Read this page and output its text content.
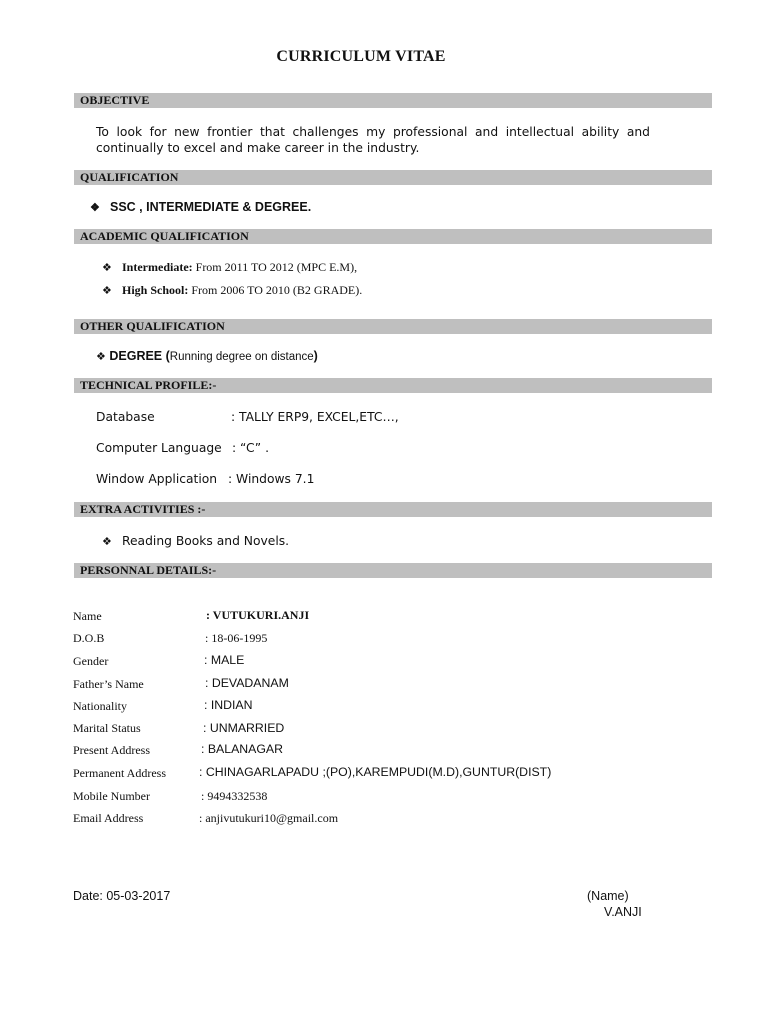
CURRICULUM VITAE
OBJECTIVE
To look for new frontier that challenges my professional and intellectual ability and continually to excel and make career in the industry.
QUALIFICATION
❖ SSC , INTERMEDIATE & DEGREE.
ACADEMIC QUALIFICATION
❖ Intermediate: From 2011 TO 2012 (MPC E.M),
❖ High School: From 2006 TO 2010 (B2 GRADE).
OTHER QUALIFICATION
❖ DEGREE (Running degree on distance)
TECHNICAL PROFILE:-
Database	: TALLY ERP9, EXCEL,ETC…,
Computer Language : “C” .
Window Application : Windows 7.1
EXTRA ACTIVITIES :-
❖ Reading Books and Novels.
PERSONNAL DETAILS:-
Name	: VUTUKURI.ANJI
D.O.B	: 18-06-1995
Gender	: MALE
Father’s Name	: DEVADANAM
Nationality	: INDIAN
Marital Status	: UNMARRIED
Present Address	: BALANAGAR
Permanent Address	: CHINAGARLAPADU ;(PO),KAREMPUDI(M.D),GUNTUR(DIST)
Mobile Number	: 9494332538
Email Address	: anjivutukuri10@gmail.com
Date: 05-03-2017	(Name)
V.ANJI
